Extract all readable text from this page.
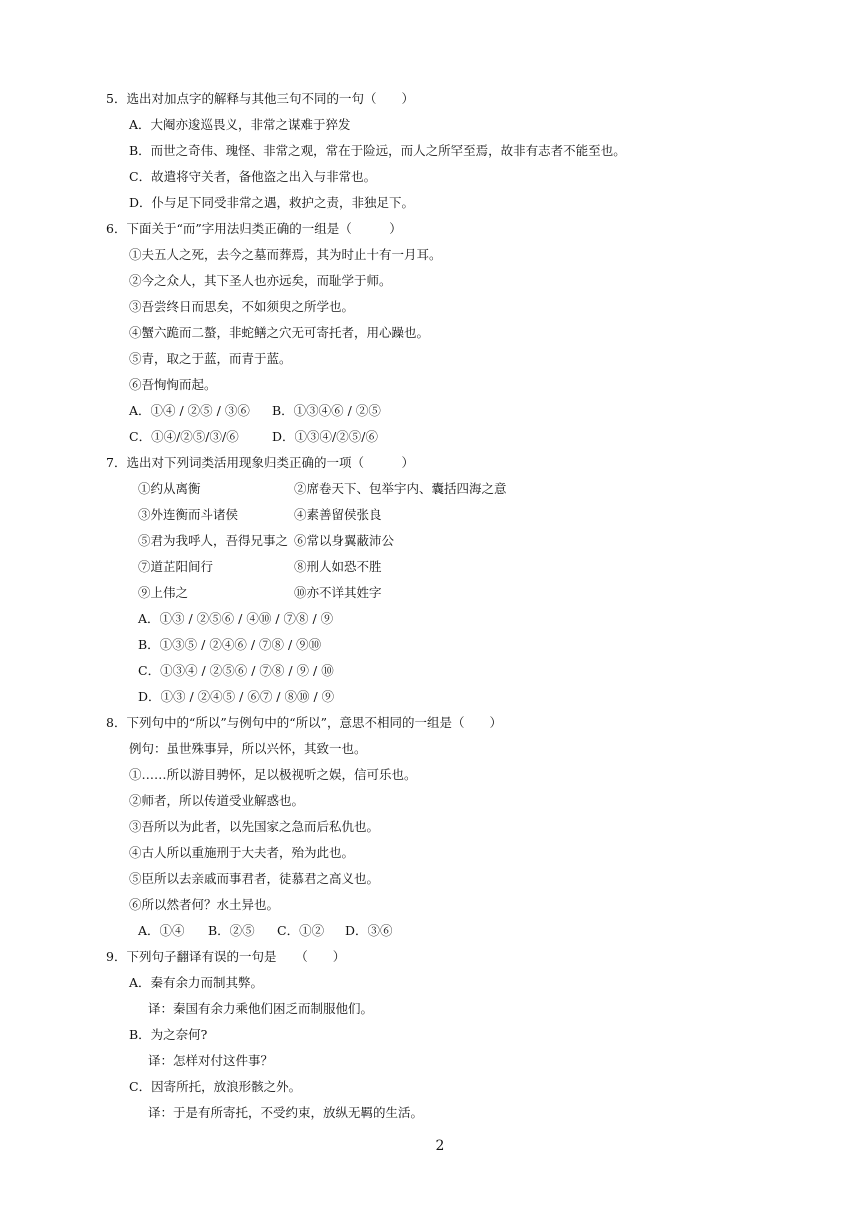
5．选出对加点字的解释与其他三句不同的一句（　　）
A．大阉亦逡巡畏义，非常之谋难于猝发
B．而世之奇伟、瑰怪、非常之观，常在于险远，而人之所罕至焉，故非有志者不能至也。
C．故遣将守关者，备他盗之出入与非常也。
D．仆与足下同受非常之遇，救护之责，非独足下。
6．下面关于“而”字用法归类正确的一组是（　　　）
①夫五人之死，去今之墓而葬焉，其为时止十有一月耳。
②今之众人，其下圣人也亦远矣，而耻学于师。
③吾尝终日而思矣，不如须臾之所学也。
④蟹六跪而二螯，非蛇鳝之穴无可寄托者，用心躁也。
⑤青，取之于蓝，而青于蓝。
⑥吾恂恂而起。
A．①④ / ②⑤ / ③⑥ B．①③④⑥ / ②⑤
C．①④/②⑤/③/⑥	D．①③④/②⑤/⑥
7．选出对下列词类活用现象归类正确的一项（　　　）
①约从离衡	②席卷天下、包举宇内、囊括四海之意
③外连衡而斗诸侯	④素善留侯张良
⑤君为我呼人，吾得兄事之 ⑥常以身翼蔽沛公
⑦道芷阳间行	⑧刑人如恐不胜
⑨上伟之	⑩亦不详其姓字
A．①③ / ②⑤⑥ / ④⑩ / ⑦⑧ / ⑨
B．①③⑤ / ②④⑥ / ⑦⑧ / ⑨⑩
C．①③④ / ②⑤⑥ / ⑦⑧ / ⑨ / ⑩
D．①③ / ②④⑤ / ⑥⑦ / ⑧⑩ / ⑨
8．下列句中的“所以”与例句中的“所以”，意思不相同的一组是（　　）
例句：虽世殊事异，所以兴怀，其致一也。
①……所以游目骋怀，足以极视听之娱，信可乐也。
②师者，所以传道受业解惑也。
③吾所以为此者，以先国家之急而后私仇也。
④古人所以重施刑于大夫者，殆为此也。
⑤臣所以去亲戚而事君者，徒慕君之高义也。
⑥所以然者何？水土异也。
A．①④ B．②⑤ C．①② D．③⑥
9．下列句子翻译有误的一句是　　（　　）
A．秦有余力而制其弊。
译：秦国有余力乘他们困乏而制服他们。
B．为之奈何?
译：怎样对付这件事？
C．因寄所托，放浪形骸之外。
译：于是有所寄托，不受约束，放纵无羁的生活。
2
